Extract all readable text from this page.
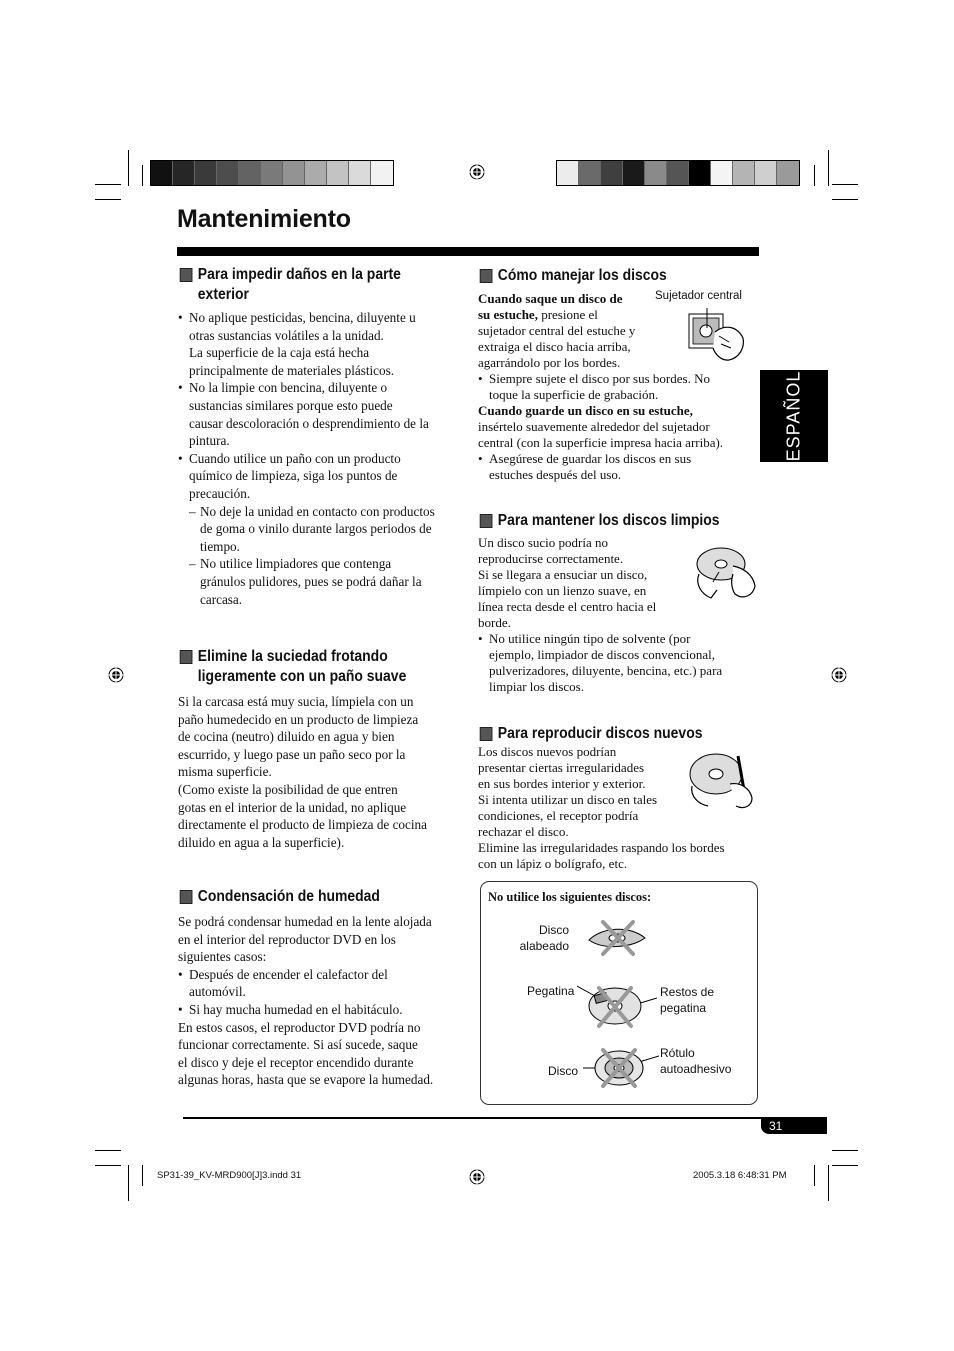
Mantenimiento
ESPAÑOL
Para impedir daños en la parte
exterior
• No aplique pesticidas, bencina, diluyente u
otras sustancias volátiles a la unidad.
La superficie de la caja está hecha
principalmente de materiales plásticos.
• No la limpie con bencina, diluyente o
sustancias similares porque esto puede
causar descoloración o desprendimiento de la
pintura.
• Cuando utilice un paño con un producto
químico de limpieza, siga los puntos de
precaución.
– No deje la unidad en contacto con productos
de goma o vinilo durante largos periodos de
tiempo.
– No utilice limpiadores que contenga
gránulos pulidores, pues se podrá dañar la
carcasa.
Elimine la suciedad frotando
ligeramente con un paño suave
Si la carcasa está muy sucia, límpiela con un
paño humedecido en un producto de limpieza
de cocina (neutro) diluido en agua y bien
escurrido, y luego pase un paño seco por la
misma superficie.
(Como existe la posibilidad de que entren
gotas en el interior de la unidad, no aplique
directamente el producto de limpieza de cocina
diluido en agua a la superficie).
Condensación de humedad
Se podrá condensar humedad en la lente alojada
en el interior del reproductor DVD en los
siguientes casos:
• Después de encender el calefactor del
automóvil.
• Si hay mucha humedad en el habitáculo.
En estos casos, el reproductor DVD podría no
funcionar correctamente. Si así sucede, saque
el disco y deje el receptor encendido durante
algunas horas, hasta que se evapore la humedad.
Cómo manejar los discos
Cuando saque un disco de
su estuche, presione el
sujetador central del estuche y
extraiga el disco hacia arriba,
agarrándolo por los bordes.
• Siempre sujete el disco por sus bordes. No
toque la superficie de grabación.
Cuando guarde un disco en su estuche,
insértelo suavemente alrededor del sujetador
central (con la superficie impresa hacia arriba).
• Asegúrese de guardar los discos en sus
estuches después del uso.
Sujetador central
Para mantener los discos limpios
Un disco sucio podría no
reproducirse correctamente.
Si se llegara a ensuciar un disco,
límpielo con un lienzo suave, en
línea recta desde el centro hacia el
borde.
• No utilice ningún tipo de solvente (por
ejemplo, limpiador de discos convencional,
pulverizadores, diluyente, bencina, etc.) para
limpiar los discos.
Para reproducir discos nuevos
Los discos nuevos podrían
presentar ciertas irregularidades
en sus bordes interior y exterior.
Si intenta utilizar un disco en tales
condiciones, el receptor podría
rechazar el disco.
Elimine las irregularidades raspando los bordes
con un lápiz o bolígrafo, etc.
No utilice los siguientes discos:
Disco
alabeado
Pegatina	Restos de
pegatina
Disco
Rótulo
autoadhesivo
31
SP31-39_KV-MRD900[J]3.indd 31	2005.3.18 6:48:31 PM
